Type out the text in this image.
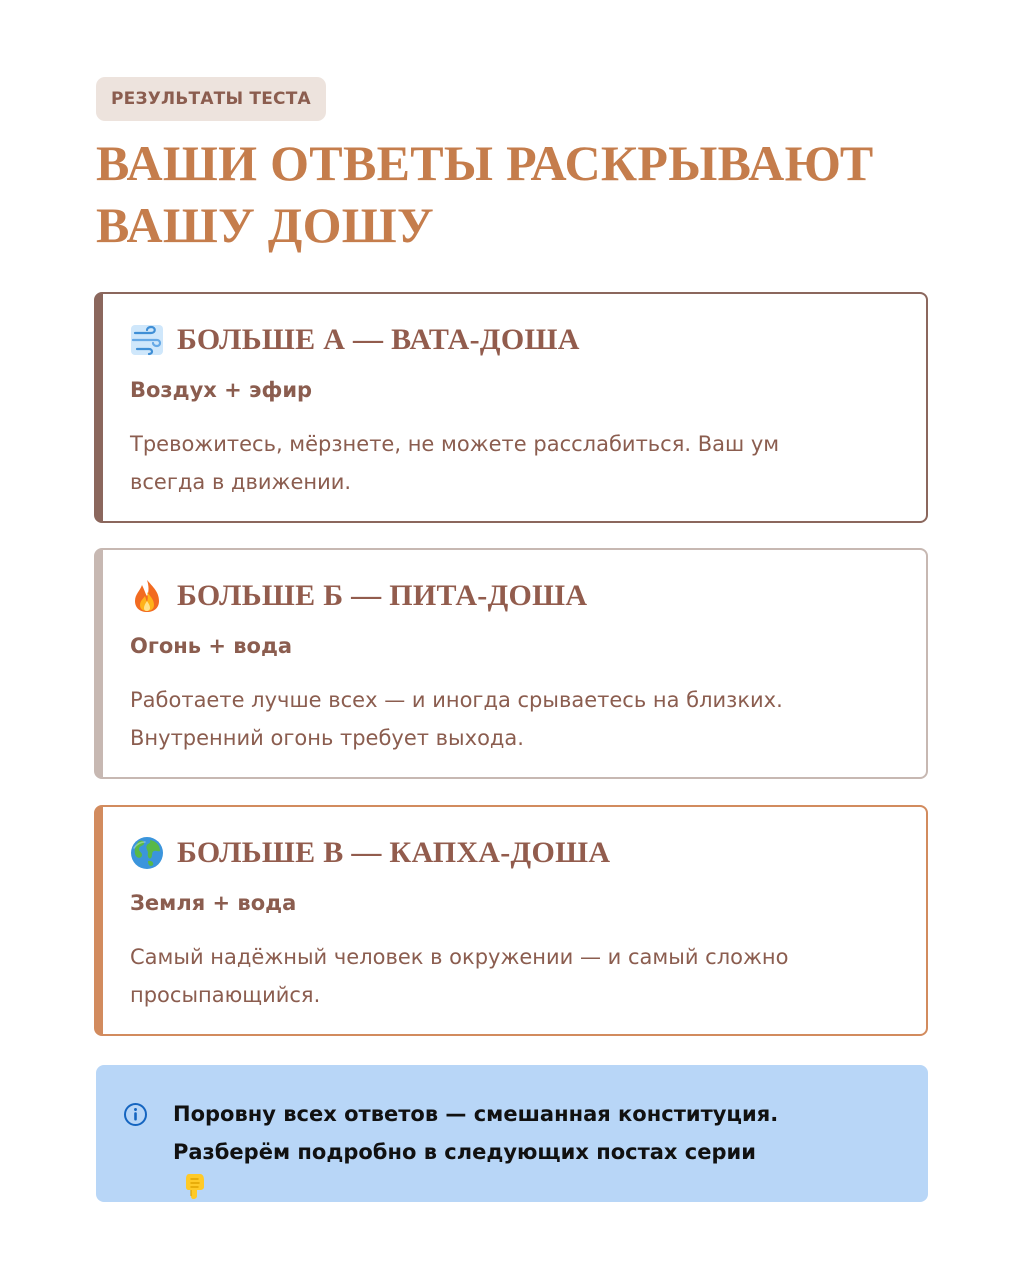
РЕЗУЛЬТАТЫ ТЕСТА
ВАШИ ОТВЕТЫ РАСКРЫВАЮТ
ВАШУ ДОШУ
БОЛЬШЕ А — ВАТА-ДОША
Воздух + эфир
Тревожитесь, мёрзнете, не можете расслабиться. Ваш ум
всегда в движении.
БОЛЬШЕ Б — ПИТА-ДОША
Огонь + вода
Работаете лучше всех — и иногда срываетесь на близких.
Внутренний огонь требует выхода.
БОЛЬШЕ В — КАПХА-ДОША
Земля + вода
Самый надёжный человек в окружении — и самый сложно
просыпающийся.
Поровну всех ответов — смешанная конституция.
Разберём подробно в следующих постах серии
